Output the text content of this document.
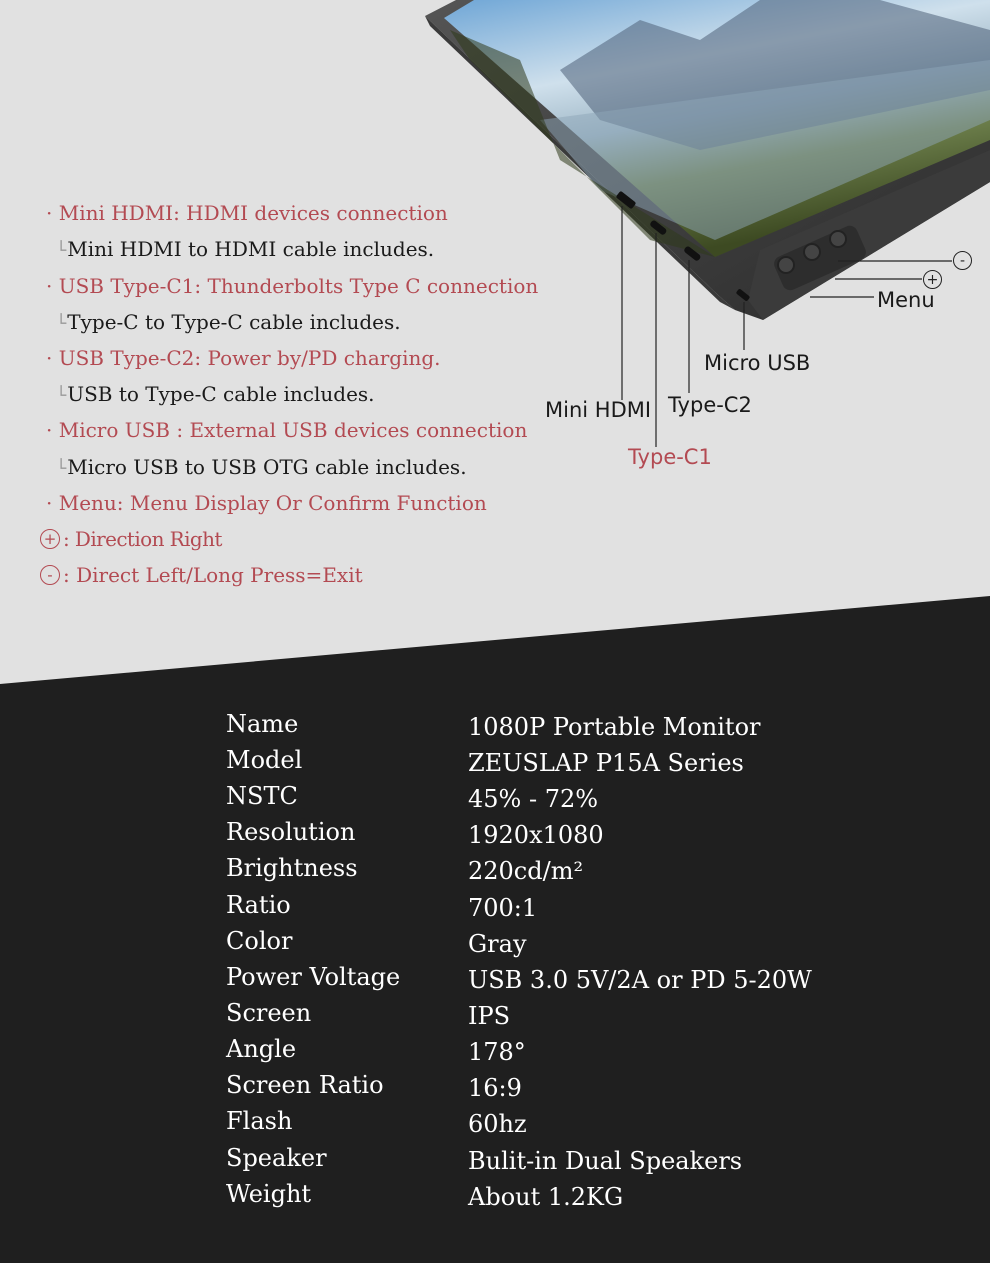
· Mini HDMI: HDMI devices connection
└Mini HDMI to HDMI cable includes.
· USB Type-C1: Thunderbolts Type C connection
└Type-C to Type-C cable includes.
· USB Type-C2: Power by/PD charging.
└USB to Type-C cable includes.
· Micro USB : External USB devices connection
└Micro USB to USB OTG cable includes.
· Menu: Menu Display Or Confirm Function
+ : Direction Right
- : Direct Left/Long Press=Exit
-
+
Menu
Micro USB
Mini HDMI Type-C2
Type-C1
Name	1080P Portable Monitor
Model	ZEUSLAP P15A Series
NSTC	45% - 72%
Resolution	1920x1080
Brightness	220cd/m²
Ratio	700:1
Color	Gray
Power Voltage	USB 3.0 5V/2A or PD 5-20W
Screen	IPS
Angle	178°
Screen Ratio	16:9
Flash	60hz
Speaker	Bulit-in Dual Speakers
Weight	About 1.2KG
